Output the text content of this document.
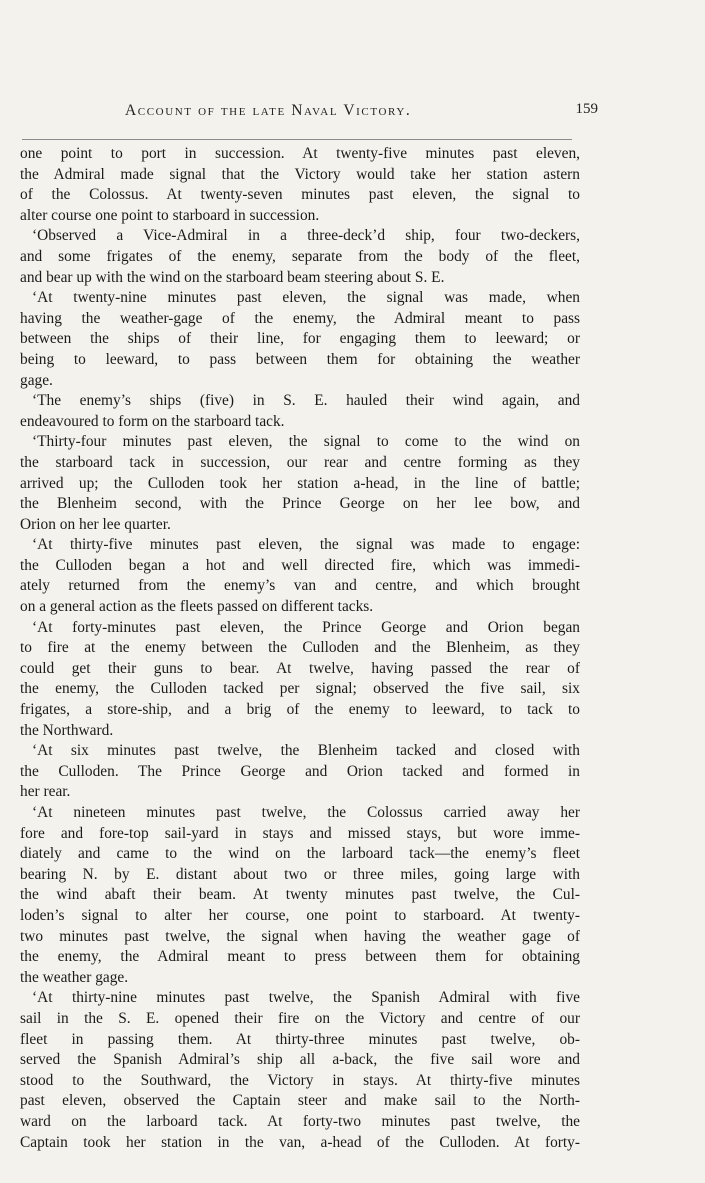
Account of the late Naval Victory.	159
one point to port in succession. At twenty-five minutes past eleven,
the Admiral made signal that the Victory would take her station astern
of the Colossus. At twenty-seven minutes past eleven, the signal to
alter course one point to starboard in succession.
‘Observed a Vice-Admiral in a three-deck’d ship, four two-deckers,
and some frigates of the enemy, separate from the body of the fleet,
and bear up with the wind on the starboard beam steering about S. E.
‘At twenty-nine minutes past eleven, the signal was made, when
having the weather-gage of the enemy, the Admiral meant to pass
between the ships of their line, for engaging them to leeward; or
being to leeward, to pass between them for obtaining the weather
gage.
‘The enemy’s ships (five) in S. E. hauled their wind again, and
endeavoured to form on the starboard tack.
‘Thirty-four minutes past eleven, the signal to come to the wind on
the starboard tack in succession, our rear and centre forming as they
arrived up; the Culloden took her station a-head, in the line of battle;
the Blenheim second, with the Prince George on her lee bow, and
Orion on her lee quarter.
‘At thirty-five minutes past eleven, the signal was made to engage:
the Culloden began a hot and well directed fire, which was immedi-
ately returned from the enemy’s van and centre, and which brought
on a general action as the fleets passed on different tacks.
‘At forty-minutes past eleven, the Prince George and Orion began
to fire at the enemy between the Culloden and the Blenheim, as they
could get their guns to bear. At twelve, having passed the rear of
the enemy, the Culloden tacked per signal; observed the five sail, six
frigates, a store-ship, and a brig of the enemy to leeward, to tack to
the Northward.
‘At six minutes past twelve, the Blenheim tacked and closed with
the Culloden. The Prince George and Orion tacked and formed in
her rear.
‘At nineteen minutes past twelve, the Colossus carried away her
fore and fore-top sail-yard in stays and missed stays, but wore imme-
diately and came to the wind on the larboard tack—the enemy’s fleet
bearing N. by E. distant about two or three miles, going large with
the wind abaft their beam. At twenty minutes past twelve, the Cul-
loden’s signal to alter her course, one point to starboard. At twenty-
two minutes past twelve, the signal when having the weather gage of
the enemy, the Admiral meant to press between them for obtaining
the weather gage.
‘At thirty-nine minutes past twelve, the Spanish Admiral with five
sail in the S. E. opened their fire on the Victory and centre of our
fleet in passing them. At thirty-three minutes past twelve, ob-
served the Spanish Admiral’s ship all a-back, the five sail wore and
stood to the Southward, the Victory in stays. At thirty-five minutes
past eleven, observed the Captain steer and make sail to the North-
ward on the larboard tack. At forty-two minutes past twelve, the
Captain took her station in the van, a-head of the Culloden. At forty-
